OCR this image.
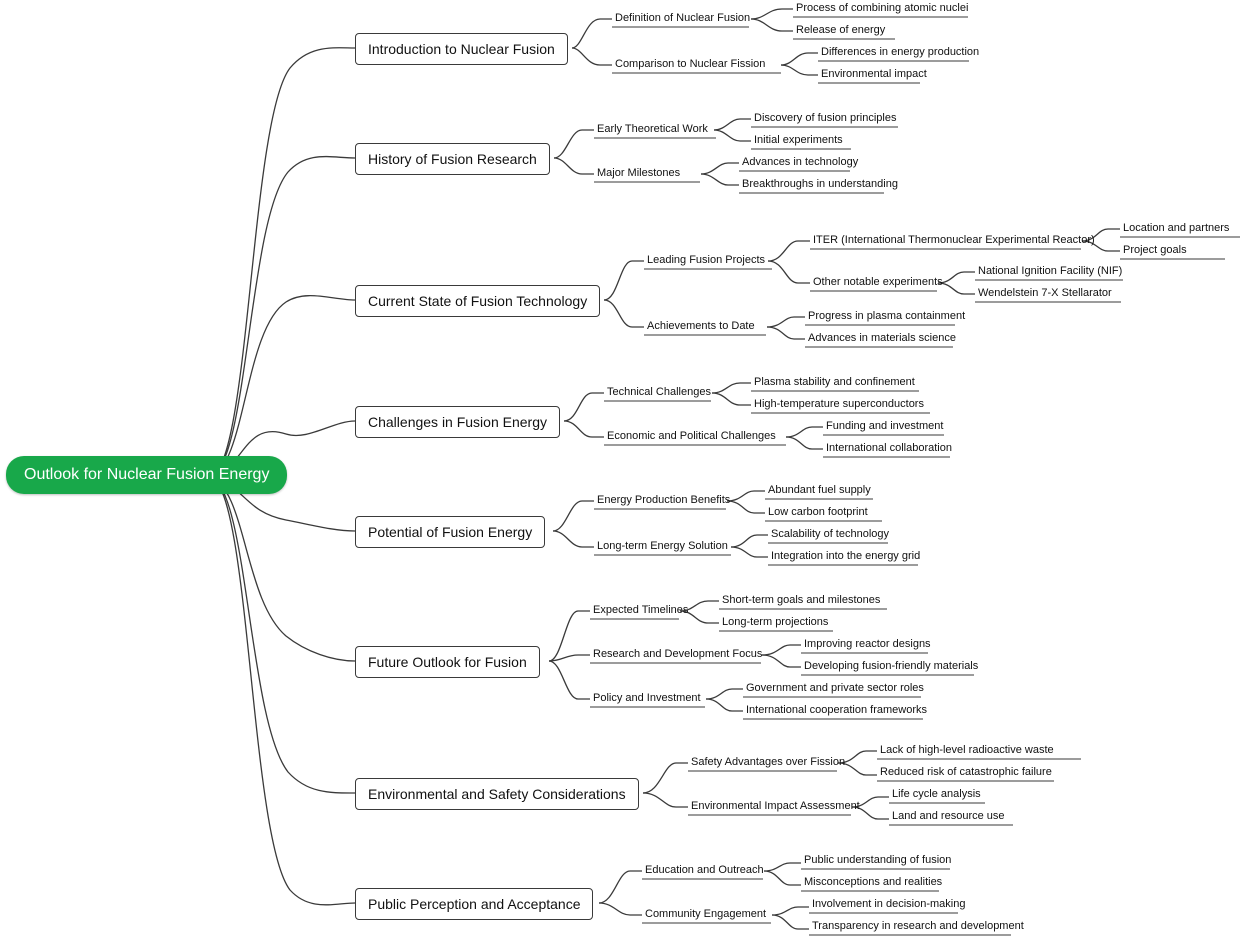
Outlook for Nuclear Fusion Energy
Introduction to Nuclear Fusion
Definition of Nuclear Fusion
Comparison to Nuclear Fission
Process of combining atomic nuclei
Release of energy
Differences in energy production
Environmental impact
History of Fusion Research
Early Theoretical Work
Major Milestones
Discovery of fusion principles
Initial experiments
Advances in technology
Breakthroughs in understanding
Current State of Fusion Technology
Leading Fusion Projects
Achievements to Date
ITER (International Thermonuclear Experimental Reactor)
Other notable experiments
Location and partners
Project goals
National Ignition Facility (NIF)
Wendelstein 7-X Stellarator
Progress in plasma containment
Advances in materials science
Challenges in Fusion Energy
Technical Challenges
Economic and Political Challenges
Plasma stability and confinement
High-temperature superconductors
Funding and investment
International collaboration
Potential of Fusion Energy
Energy Production Benefits
Long-term Energy Solution
Abundant fuel supply
Low carbon footprint
Scalability of technology
Integration into the energy grid
Future Outlook for Fusion
Expected Timelines
Research and Development Focus
Policy and Investment
Short-term goals and milestones
Long-term projections
Improving reactor designs
Developing fusion-friendly materials
Government and private sector roles
International cooperation frameworks
Environmental and Safety Considerations
Safety Advantages over Fission
Environmental Impact Assessment
Lack of high-level radioactive waste
Reduced risk of catastrophic failure
Life cycle analysis
Land and resource use
Public Perception and Acceptance
Education and Outreach
Community Engagement
Public understanding of fusion
Misconceptions and realities
Involvement in decision-making
Transparency in research and development
